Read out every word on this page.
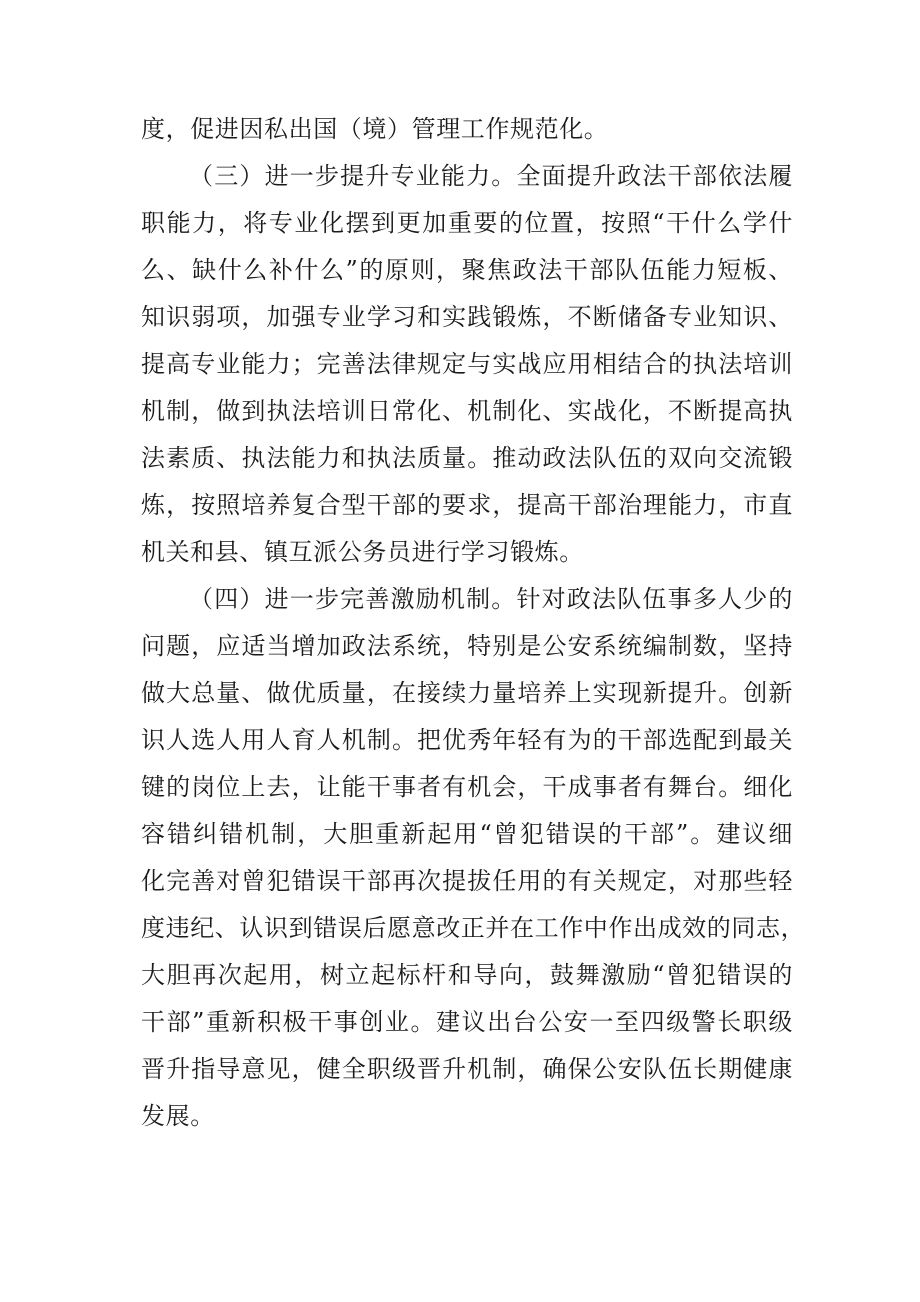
度，促进因私出国（境）管理工作规范化。
（三）进一步提升专业能力。全面提升政法干部依法履
职能力，将专业化摆到更加重要的位置，按照“干什么学什
么、缺什么补什么”的原则，聚焦政法干部队伍能力短板、
知识弱项，加强专业学习和实践锻炼，不断储备专业知识、
提高专业能力；完善法律规定与实战应用相结合的执法培训
机制，做到执法培训日常化、机制化、实战化，不断提高执
法素质、执法能力和执法质量。推动政法队伍的双向交流锻
炼，按照培养复合型干部的要求，提高干部治理能力，市直
机关和县、镇互派公务员进行学习锻炼。
（四）进一步完善激励机制。针对政法队伍事多人少的
问题，应适当增加政法系统，特别是公安系统编制数，坚持
做大总量、做优质量，在接续力量培养上实现新提升。创新
识人选人用人育人机制。把优秀年轻有为的干部选配到最关
键的岗位上去，让能干事者有机会，干成事者有舞台。细化
容错纠错机制，大胆重新起用“曾犯错误的干部”。建议细
化完善对曾犯错误干部再次提拔任用的有关规定，对那些轻
度违纪、认识到错误后愿意改正并在工作中作出成效的同志，
大胆再次起用，树立起标杆和导向，鼓舞激励“曾犯错误的
干部”重新积极干事创业。建议出台公安一至四级警长职级
晋升指导意见，健全职级晋升机制，确保公安队伍长期健康
发展。
